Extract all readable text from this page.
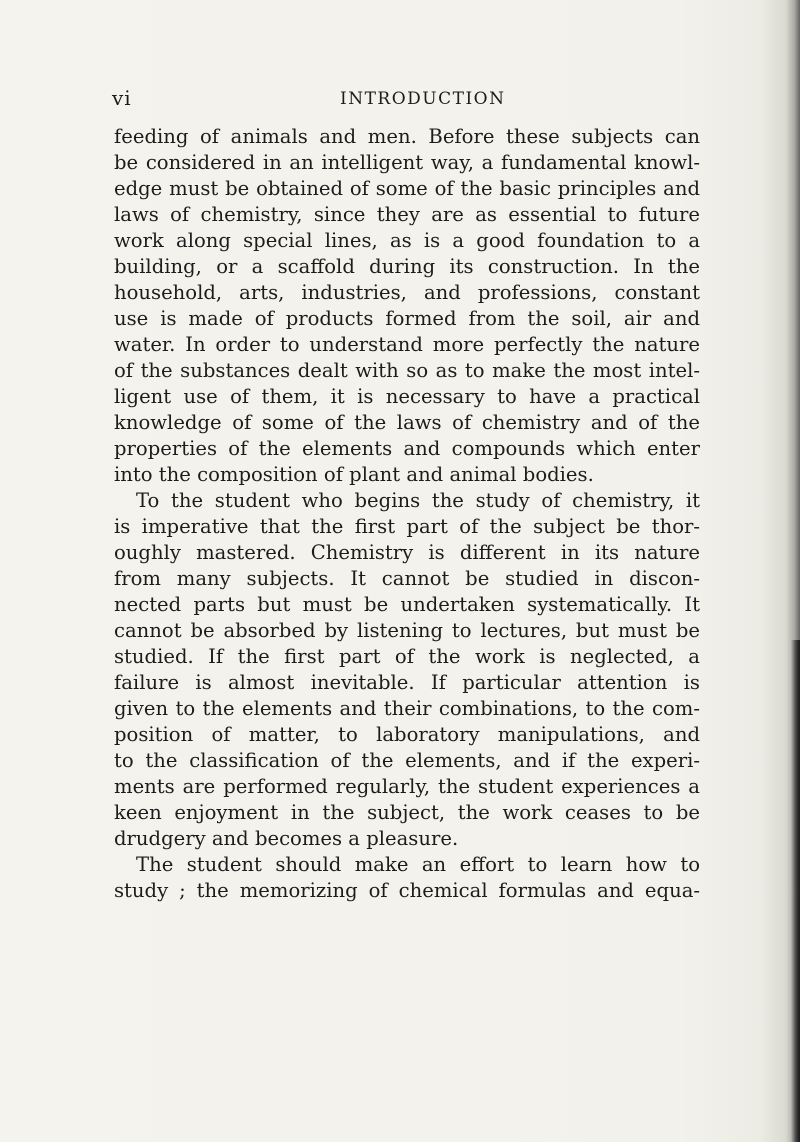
vi	INTRODUCTION
feeding of animals and men. Before these subjects can
be considered in an intelligent way, a fundamental knowl-
edge must be obtained of some of the basic principles and
laws of chemistry, since they are as essential to future
work along special lines, as is a good foundation to a
building, or a scaffold during its construction. In the
household, arts, industries, and professions, constant
use is made of products formed from the soil, air and
water. In order to understand more perfectly the nature
of the substances dealt with so as to make the most intel-
ligent use of them, it is necessary to have a practical
knowledge of some of the laws of chemistry and of the
properties of the elements and compounds which enter
into the composition of plant and animal bodies.
To the student who begins the study of chemistry, it
is imperative that the first part of the subject be thor-
oughly mastered. Chemistry is different in its nature
from many subjects. It cannot be studied in discon-
nected parts but must be undertaken systematically. It
cannot be absorbed by listening to lectures, but must be
studied. If the first part of the work is neglected, a
failure is almost inevitable. If particular attention is
given to the elements and their combinations, to the com-
position of matter, to laboratory manipulations, and
to the classification of the elements, and if the experi-
ments are performed regularly, the student experiences a
keen enjoyment in the subject, the work ceases to be
drudgery and becomes a pleasure.
The student should make an effort to learn how to
study ; the memorizing of chemical formulas and equa-
